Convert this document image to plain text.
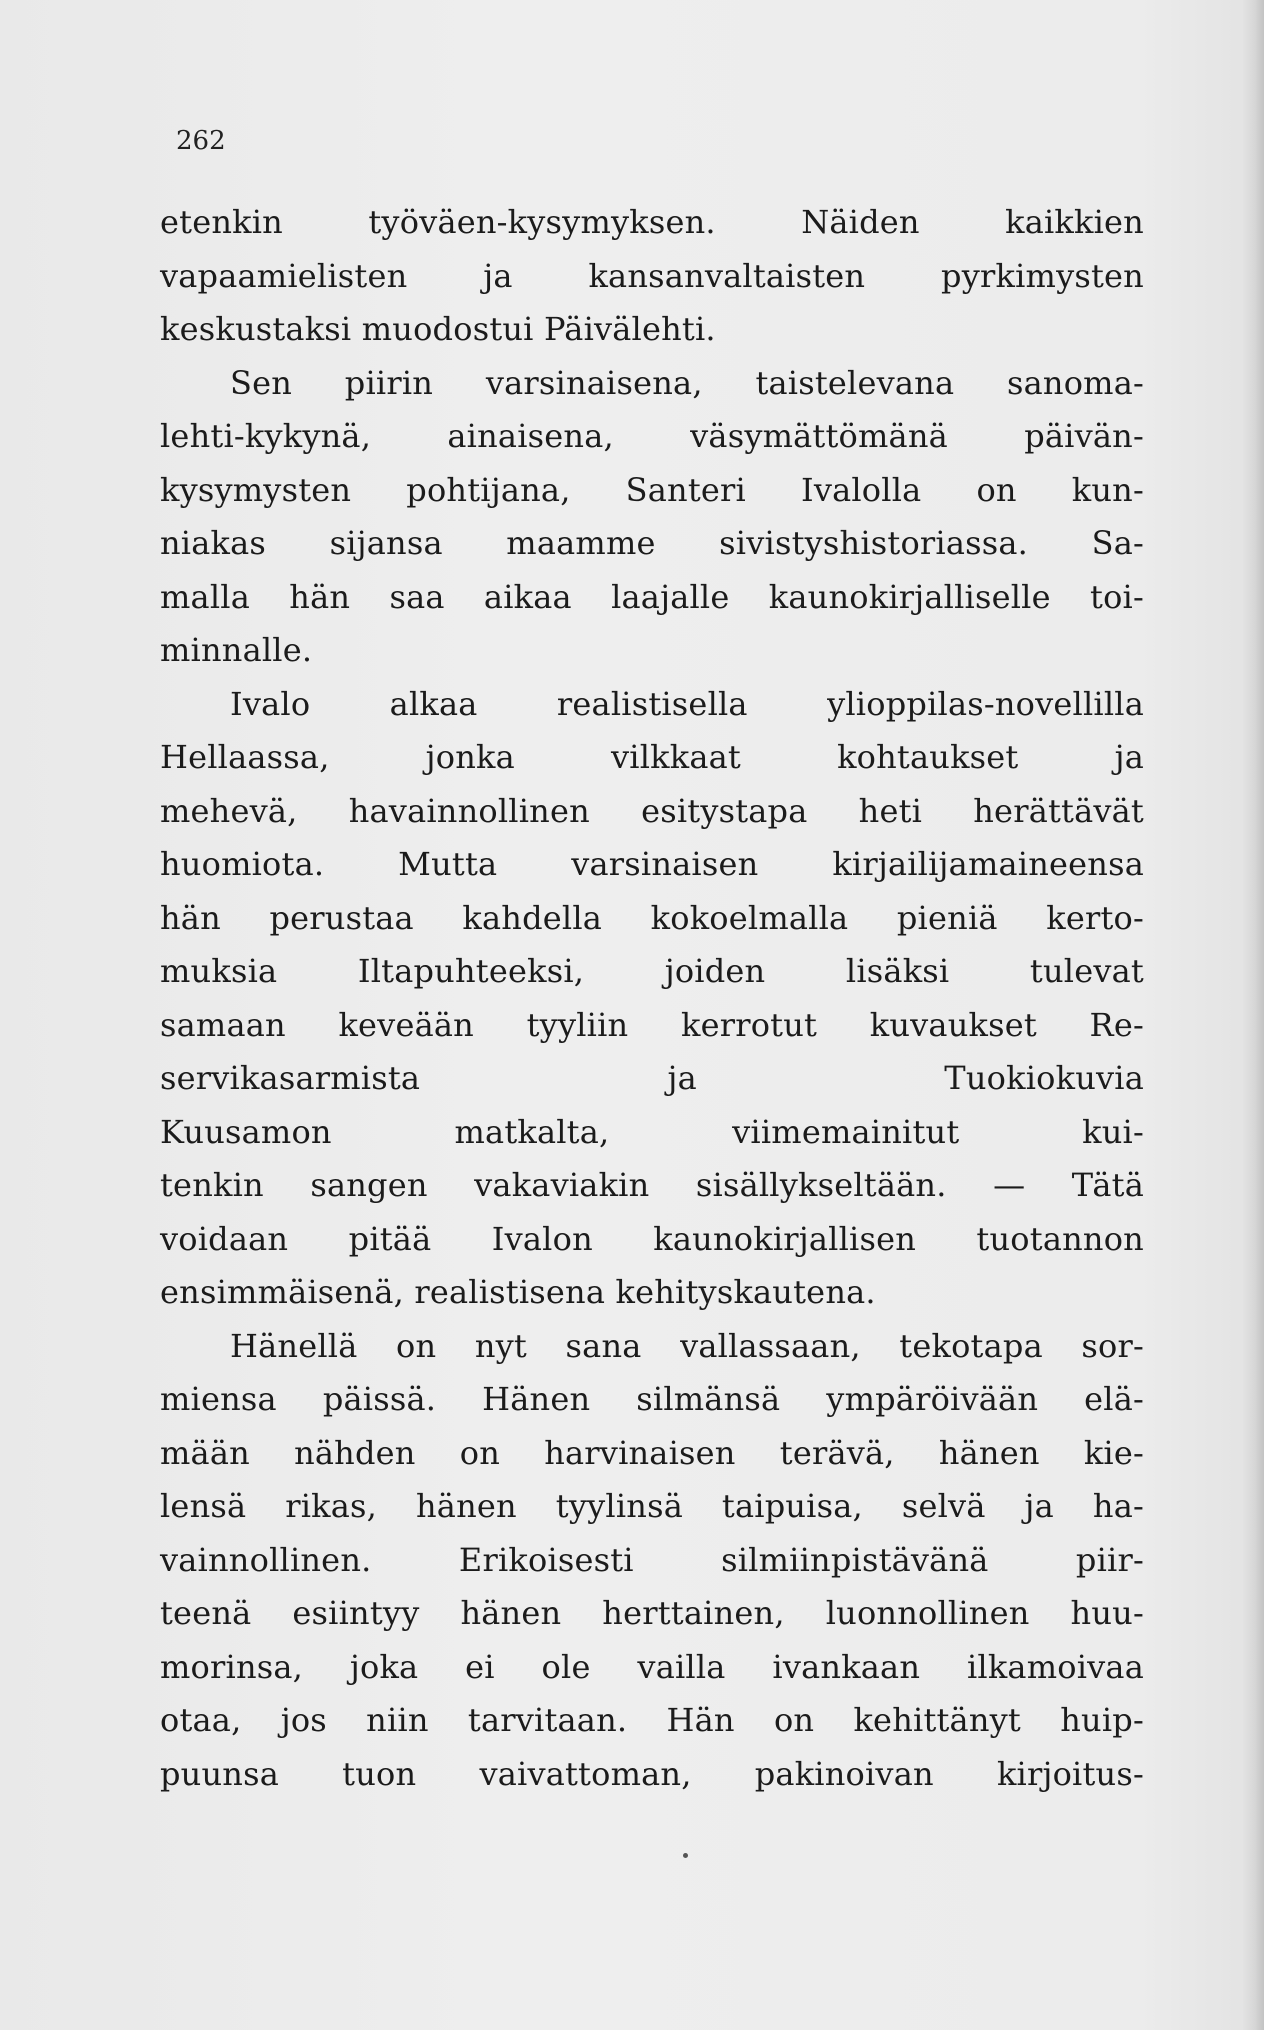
262
etenkin työväen-kysymyksen. Näiden kaikkien
vapaamielisten ja kansanvaltaisten pyrkimysten
keskustaksi muodostui Päivälehti.
Sen piirin varsinaisena, taistelevana sanoma-
lehti-kykynä, ainaisena, väsymättömänä päivän-
kysymysten pohtijana, Santeri Ivalolla on kun-
niakas sijansa maamme sivistyshistoriassa. Sa-
malla hän saa aikaa laajalle kaunokirjalliselle toi-
minnalle.
Ivalo alkaa realistisella ylioppilas-novellilla
Hellaassa, jonka vilkkaat kohtaukset ja
mehevä, havainnollinen esitystapa heti herättävät
huomiota. Mutta varsinaisen kirjailijamaineensa
hän perustaa kahdella kokoelmalla pieniä kerto-
muksia Iltapuhteeksi, joiden lisäksi tulevat
samaan keveään tyyliin kerrotut kuvaukset Re-
servikasarmista ja Tuokiokuvia
Kuusamon matkalta, viimemainitut kui-
tenkin sangen vakaviakin sisällykseltään. — Tätä
voidaan pitää Ivalon kaunokirjallisen tuotannon
ensimmäisenä, realistisena kehityskautena.
Hänellä on nyt sana vallassaan, tekotapa sor-
miensa päissä. Hänen silmänsä ympäröivään elä-
mään nähden on harvinaisen terävä, hänen kie-
lensä rikas, hänen tyylinsä taipuisa, selvä ja ha-
vainnollinen. Erikoisesti silmiinpistävänä piir-
teenä esiintyy hänen herttainen, luonnollinen huu-
morinsa, joka ei ole vailla ivankaan ilkamoivaa
otaa, jos niin tarvitaan. Hän on kehittänyt huip-
puunsa tuon vaivattoman, pakinoivan kirjoitus-
